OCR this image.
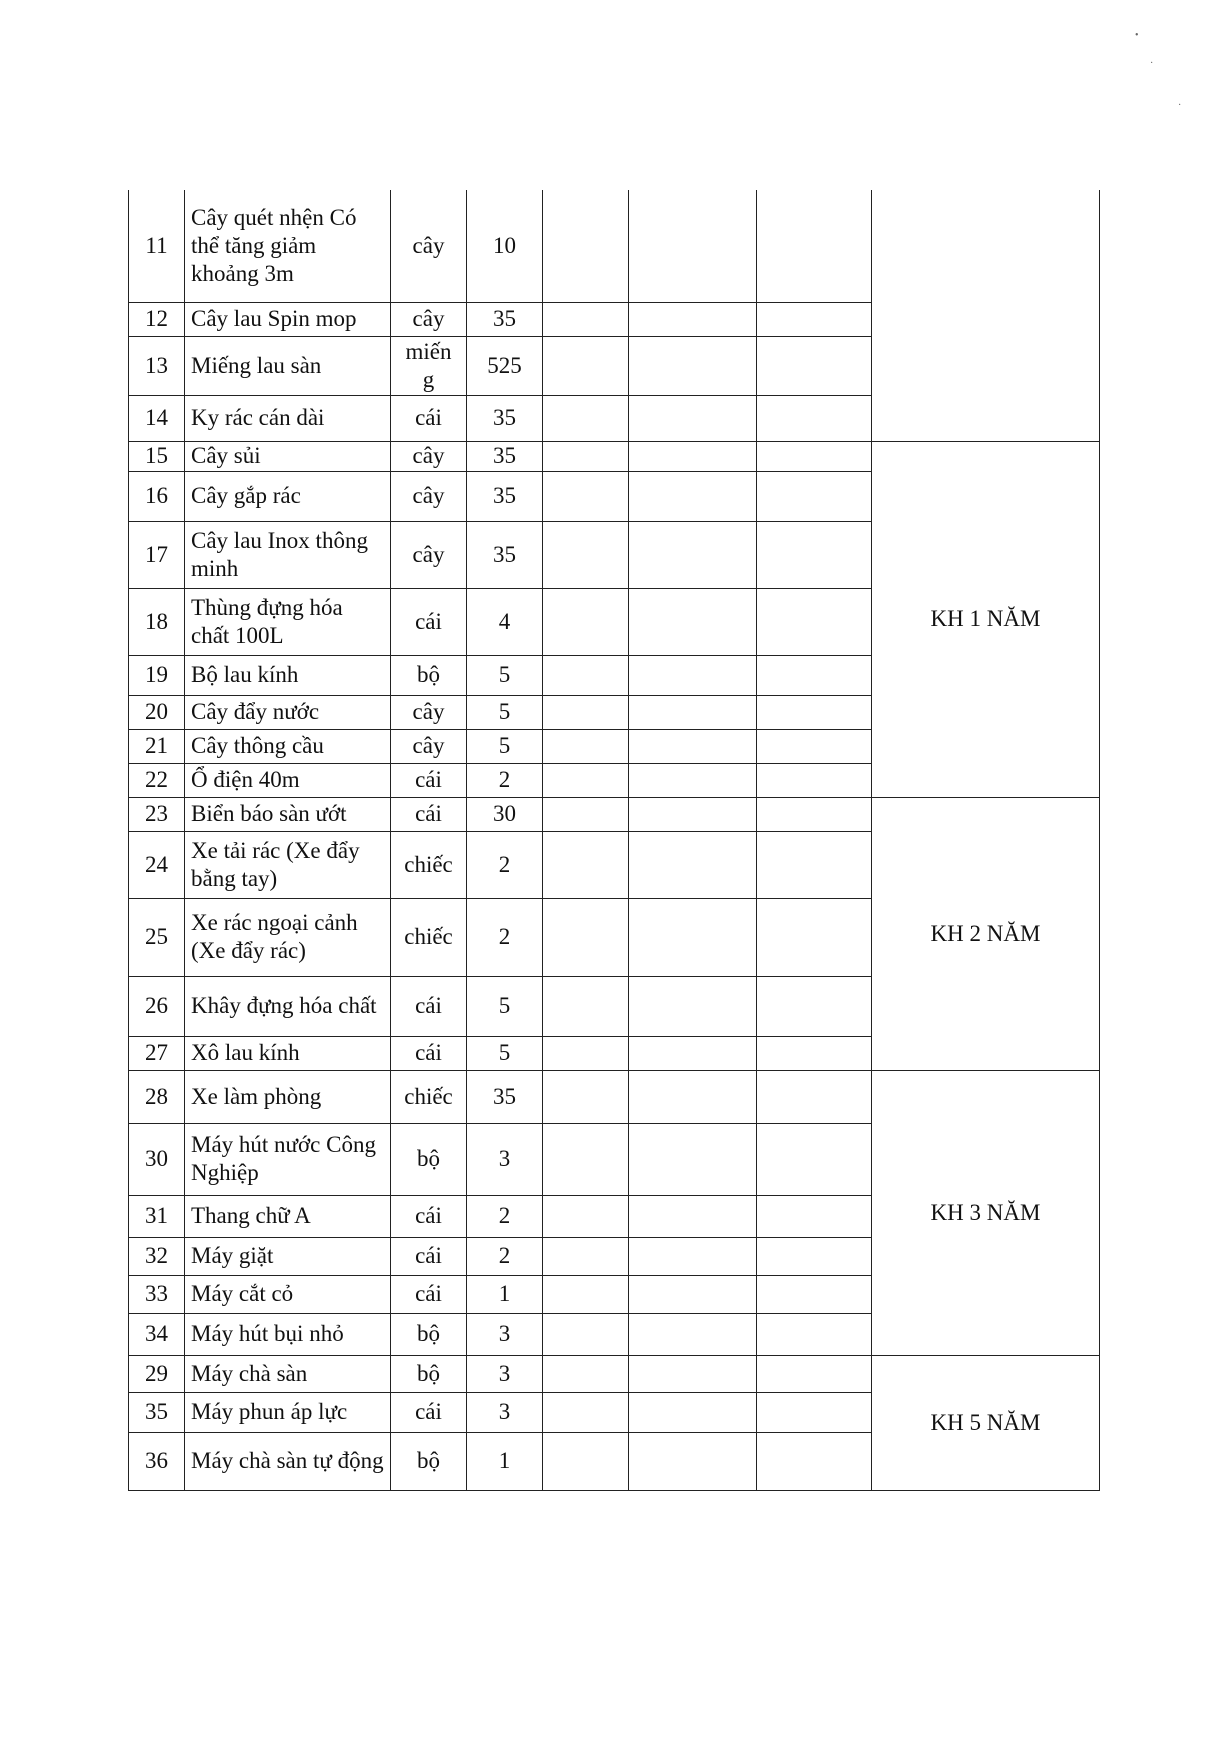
•
·
·
11	Cây quét nhện Có thể tăng giảm khoảng 3m	cây	10				
12	Cây lau Spin mop	cây	35				
13	Miếng lau sàn	miến g	525				
14	Ky rác cán dài	cái	35				
15	Cây sủi	cây	35				KH 1 NĂM
16	Cây gắp rác	cây	35				
17	Cây lau Inox thông minh	cây	35				
18	Thùng đựng hóa chất 100L	cái	4				
19	Bộ lau kính	bộ	5				
20	Cây đẩy nước	cây	5				
21	Cây thông cầu	cây	5				
22	Ổ điện 40m	cái	2				
23	Biển báo sàn ướt	cái	30				KH 2 NĂM
24	Xe tải rác (Xe đẩy bằng tay)	chiếc	2				
25	Xe rác ngoại cảnh (Xe đẩy rác)	chiếc	2				
26	Khây đựng hóa chất	cái	5				
27	Xô lau kính	cái	5				
28	Xe làm phòng	chiếc	35				KH 3 NĂM
30	Máy hút nước Công Nghiệp	bộ	3				
31	Thang chữ A	cái	2				
32	Máy giặt	cái	2				
33	Máy cắt cỏ	cái	1				
34	Máy hút bụi nhỏ	bộ	3				
29	Máy chà sàn	bộ	3				KH 5 NĂM
35	Máy phun áp lực	cái	3				
36	Máy chà sàn tự động	bộ	1				
